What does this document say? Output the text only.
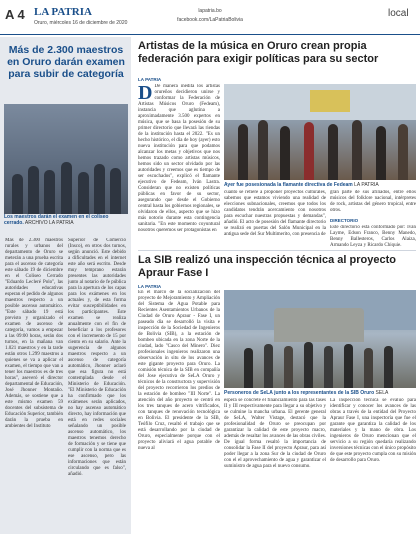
A 4 LA PATRIA
Oruro, miércoles 16 de diciembre de 2020
lapatria.bo
facebook.com/LaPatriaBolivia
local
Más de 2.300 maestros en Oruro darán examen para subir de categoría
Los maestros darán el examen en el coliseo cerrado. ARCHIVO LA PATRIA

Más de 2.300 maestros rurales y urbanos del departamento de Oruro se meterán a una prueba escrita para el ascenso de categoría este sábado 19 de diciembre en el Coliseo Cerrado "Eduardo Lecleré Polo", las autoridades educativas esperan el pedido de algunos maestros respecto a un posible ascenso automático. "Este sábado 19 está previsto y organizado el examen de ascenso de categoría, vamos a empezar a las 09:00 horas, serán dos turnos, en la mañana van 1.021 maestros y en la tarde están otros 1.299 maestros a quienes se va a aplicar el examen, el tiempo que van a tener los maestros es de tres horas", aseveró el director departamental de Educación, José Jhonner Montaño. Además, se sostiene que a este mismo examen 59 docentes del subsistema de Educación Superior, también darán la prueba en ambientes del Instituto

Superior de Comercio (Insco), en otros dos turnos, según anunció. Este debido a dificultades en el internet este año será escrito. Desde muy temprano estarán presentes las autoridades junto al notario de fe pública para la apertura de los capas para los exámenes en los actuales y, de esta forma evitar susceptibilidades en los participantes. Este examen se realiza anualmente con el fin de beneficiar a los profesores con el incremento de 15 por ciento en su salario. Ante la sugerencia de algunos maestros respecto a un ascenso de categoría automático, Jhonner aclaró que esa figura no está contemplada desde el Ministerio de Educación. "El Ministerio de Educación ha confirmado que los exámenes serán aplicados, no hay ascenso automático directo, hay información que está en redes sociales señalando un posible ascenso automático, los maestros tenemos derecho de formación y se tiene que cumplir con la norma que es ese ascenso, pero las informaciones que están circulando que es falso", añadió.

Artistas de la música en Oruro crean propia federación para exigir políticas para su sector
LA PATRIA

D De manera inédita los artistas orureños decidieron unirse y conformar la Federación de Artistas Músicos Oruro (Fedeam), instancia que aglutina a aproximadamente 3.500 expertos en música, que se basa la posesión de su primer directorio que llevará las riendas de la institución hasta el 2022. "Es un hecho histórico, el día de hoy (ayer) esto nueva institución para que podamos alcanzar los metas y objetivos que nos hemos trazado como artistas músicos, hemos sido un sector olvidado por las autoridades y creemos que es tiempo de ser escuchados", explicó el flamante ejecutivo de Fedeam, Iván Lastra. Consideran que no existen políticas públicas en favor de su sector, asegurando que desde el Gobierno central hasta los gobiernos regionales, se olvidaron de ellos, aspecto que se hizo más notorio durante esta contingencia sanitaria. "En este momento coyuntural nosotros queremos ser protagonistas en

Ayer fue posesionada la flamante directiva de Fedeam LA PATRIA

cuanto se refiere a proponer proyectos culturales, sabemos que estamos viviendo una realidad de elecciones subnacionales, creemos que todos los candidatos tendrán acercamiento con nosotros para escuchar nuestras propuestas y demandas", añadió. El acto de posesión del flamante directorio se realizó en puertas del Salón Municipal en la antigua sede del Sur Multimerito, con presencia de

gran parte de sus afiliados, entre ellos músicos del folklore nacional, intérpretes de rock, artistas del género tropical, entre otros.

DIRECTORIO

Este directorio está conformado por: Iván Layme, Edson Franco, Benny Manedo, Benny Ballesteros, Carlos Alaiza, Armando Leyza y Ricardo Chiquie.

La SIB realizó una inspección técnica al proyecto Apraur Fase I
LA PATRIA

En el marco de la socialización del proyecto de Mejoramiento y Ampliación del Sistema de Agua Potable para Recientes Asentamientos Urbanos de la Ciudad de Oruro Apraur - Fase I, un paseado día se desarrolló la visita e inspección de la Sociedad de Ingenieros de Bolivia (SIB), a la estación de bombeo ubicada en la zona Norte de la ciudad, lado "Casco del Minero". Diez profesionales ingenieros realizaron una observación in situ de los avances de este gigante proyecto para Oruro. La comisión técnica de la SIB en compañía del Jose ejecutiva de SeLA Oruro y técnicos de la constructora y supervisión del proyecto recorrieron los predios de la estación de bombeo "III Norte". La atención del año proyecto se centró en los tres tanques de acero vitrificados, con tanques de renovación tecnológica en Bolivia. El presidente de la SIB, Teófilo Cruz, resaltó el trabajo que se está desarrollando por la ciudad de Oruro, especialmente porque con el proyecto aliviará el agua potable de nueva al

Personeros de SeLA junto a los representantes de la SIB Oruro SELA

espera se concrete el financiamiento para las fases II y III respectivamente para llegar a su objetivo y se culmine la mancha urbana. El gerente general de SeLA, Walter Vistage, destacó que la profesionalidad de Oruro se preocupan por garantizar la calidad de este proyecto macro, además de resaltar los avances de las obras civiles. De igual forma resaltó la importancia de consolidar la Fase II del proyecto Apraur, para así poder llegar a la zona Sur de la ciudad de Oruro con el el aprovechamiento de agua y garantizar el suministro de agua para el nuevo consumo.

La inspección técnica se evaluó para identificar y conocer los avances de las obras a través de la entidad del Proyecto Apraur Fase I, una inspectoría que fue el garante que garantiza la calidad de los materiales y la mano de obra. Los ingenieros de Oruro mencionan que el servicio a su región quedaría realizando inversiones técnicas con el único propósito de que este proyecto cumpla con su misión de desarrollo para Oruro.
